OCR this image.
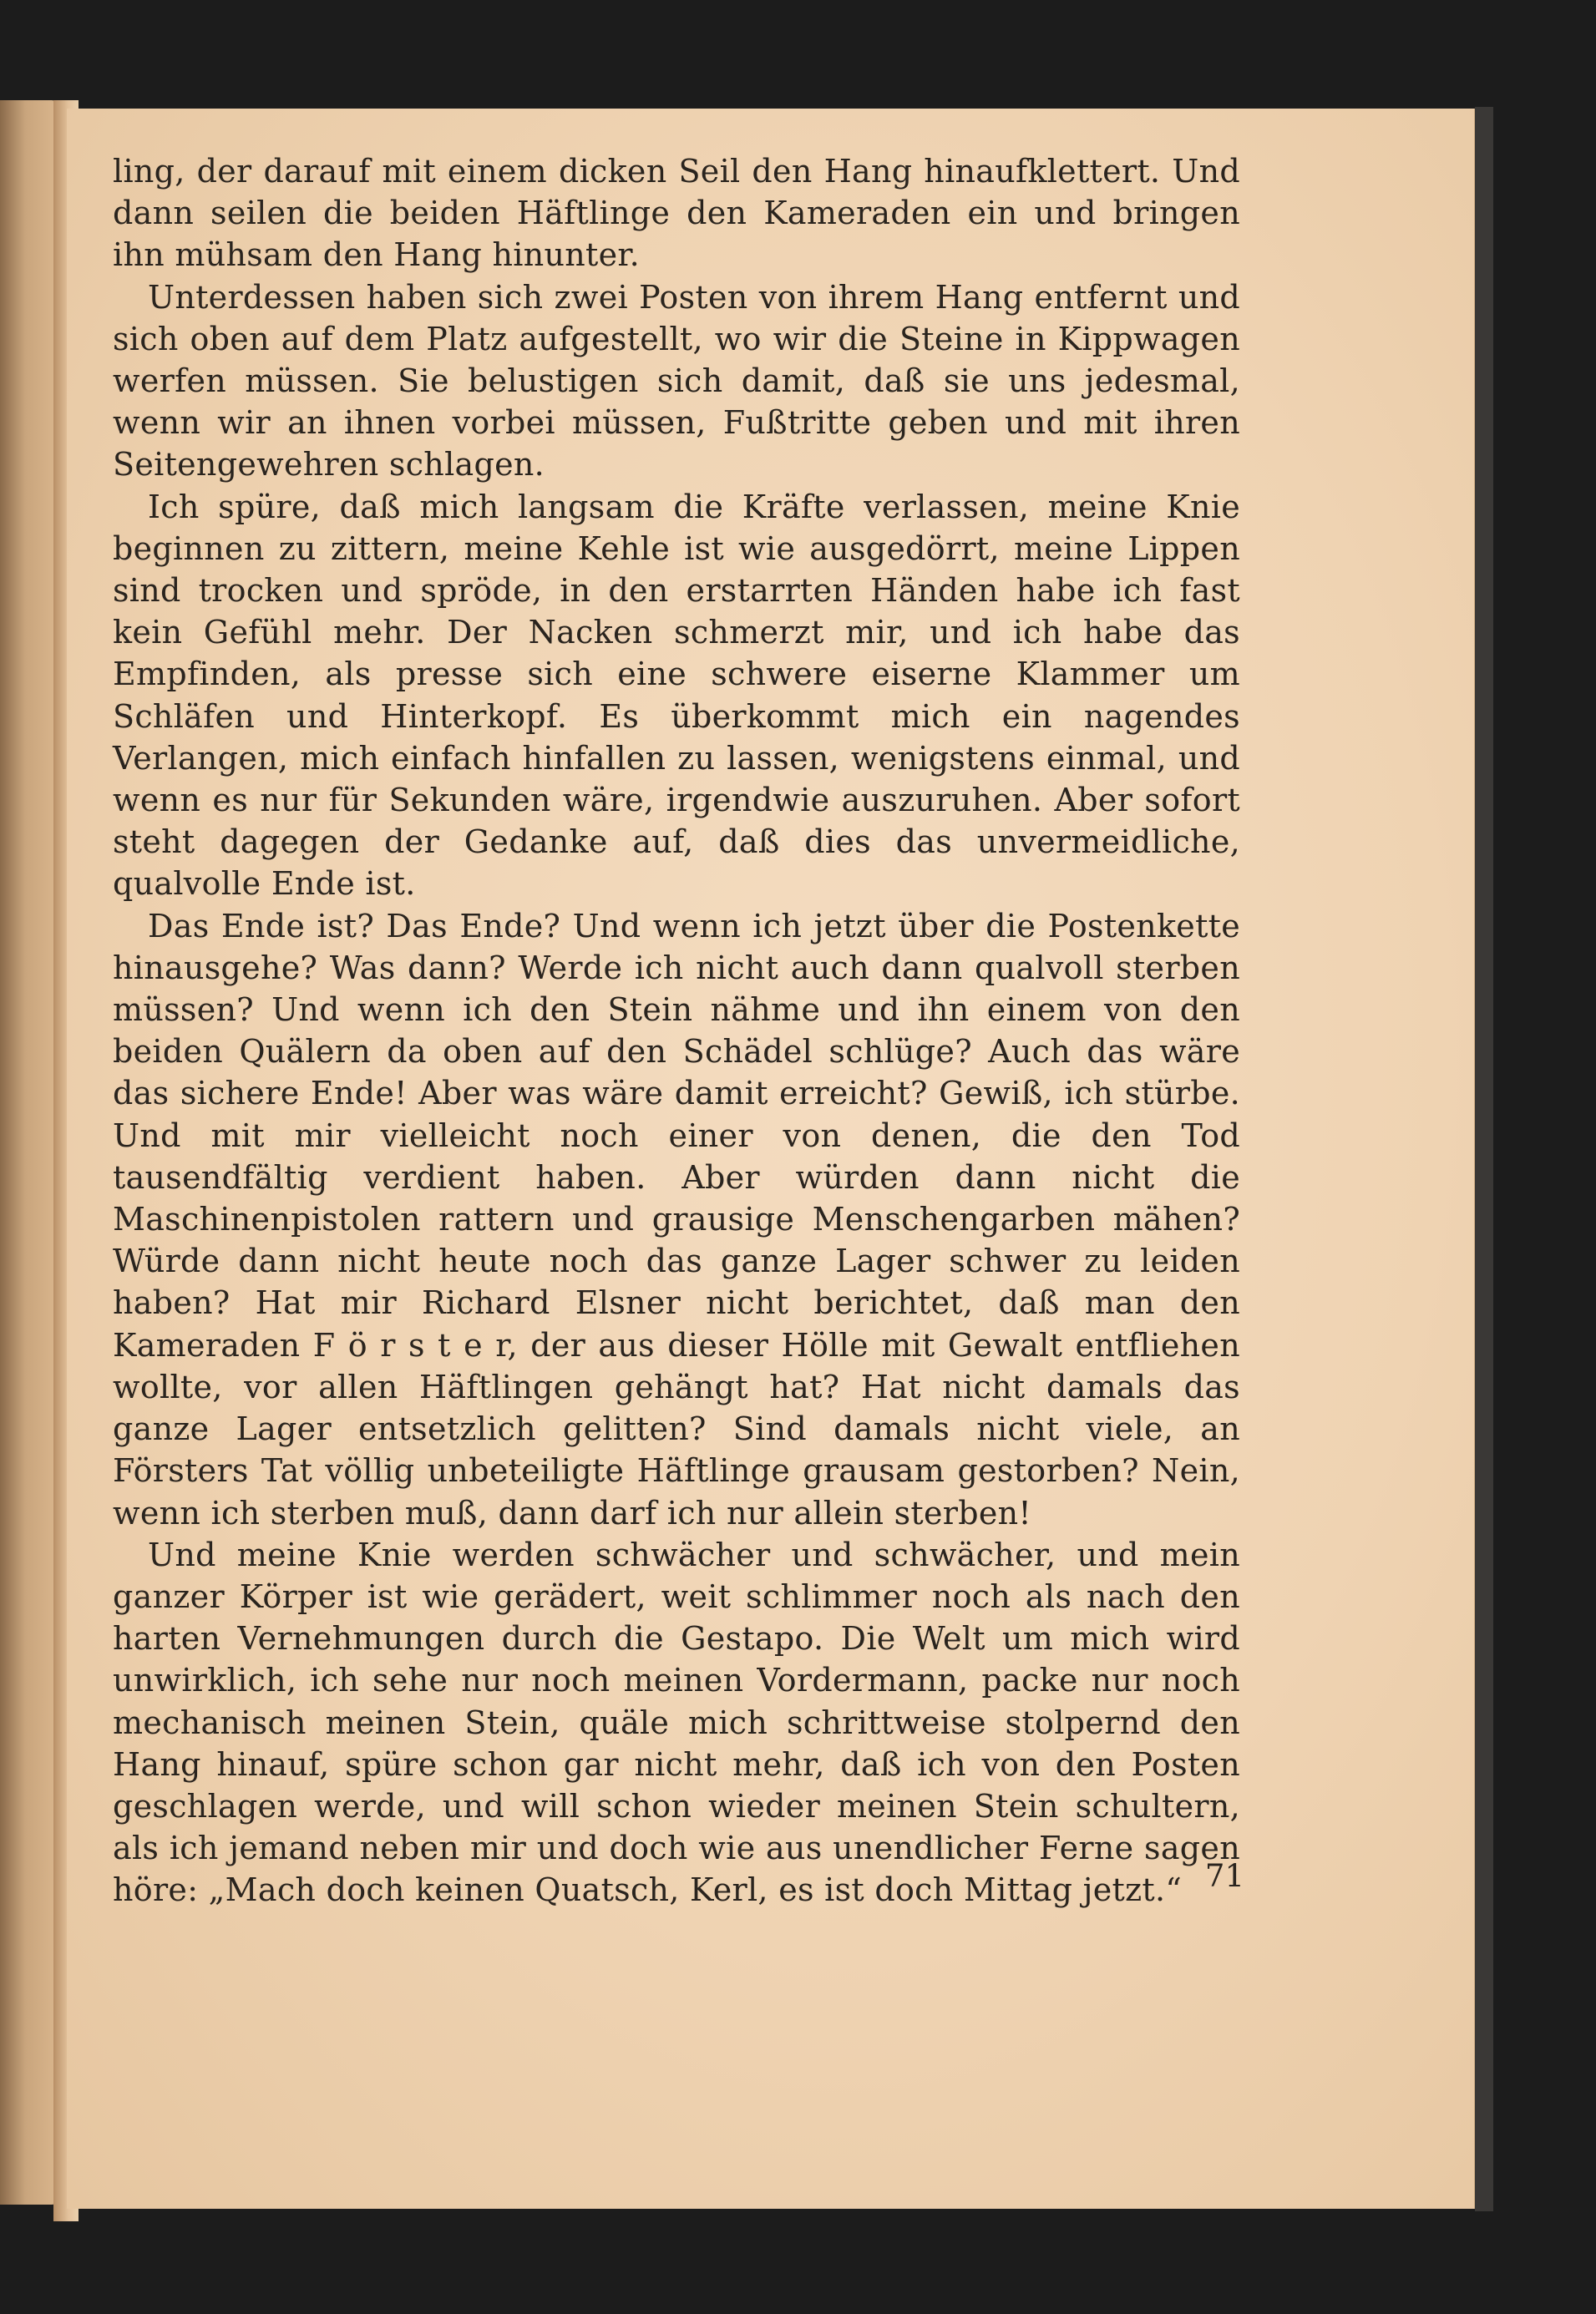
ling, der darauf mit einem dicken Seil den Hang hinaufklettert. Und dann seilen die beiden Häftlinge den Kameraden ein und bringen ihn mühsam den Hang hinunter.

Unterdessen haben sich zwei Posten von ihrem Hang entfernt und sich oben auf dem Platz aufgestellt, wo wir die Steine in Kippwagen werfen müssen. Sie belustigen sich damit, daß sie uns jedesmal, wenn wir an ihnen vorbei müssen, Fußtritte geben und mit ihren Seitengewehren schlagen.

Ich spüre, daß mich langsam die Kräfte verlassen, meine Knie beginnen zu zittern, meine Kehle ist wie ausgedörrt, meine Lippen sind trocken und spröde, in den erstarrten Händen habe ich fast kein Gefühl mehr. Der Nacken schmerzt mir, und ich habe das Empfinden, als presse sich eine schwere eiserne Klammer um Schläfen und Hinterkopf. Es überkommt mich ein nagendes Verlangen, mich einfach hinfallen zu lassen, wenigstens einmal, und wenn es nur für Sekunden wäre, irgendwie auszuruhen. Aber sofort steht dagegen der Gedanke auf, daß dies das unvermeidliche, qualvolle Ende ist.

Das Ende ist? Das Ende? Und wenn ich jetzt über die Postenkette hinausgehe? Was dann? Werde ich nicht auch dann qualvoll sterben müssen? Und wenn ich den Stein nähme und ihn einem von den beiden Quälern da oben auf den Schädel schlüge? Auch das wäre das sichere Ende! Aber was wäre damit erreicht? Gewiß, ich stürbe. Und mit mir vielleicht noch einer von denen, die den Tod tausendfältig verdient haben. Aber würden dann nicht die Maschinenpistolen rattern und grausige Menschengarben mähen? Würde dann nicht heute noch das ganze Lager schwer zu leiden haben? Hat mir Richard Elsner nicht berichtet, daß man den Kameraden F ö r s t e r, der aus dieser Hölle mit Gewalt entfliehen wollte, vor allen Häftlingen gehängt hat? Hat nicht damals das ganze Lager entsetzlich gelitten? Sind damals nicht viele, an Försters Tat völlig unbeteiligte Häftlinge grausam gestorben? Nein, wenn ich sterben muß, dann darf ich nur allein sterben!

Und meine Knie werden schwächer und schwächer, und mein ganzer Körper ist wie gerädert, weit schlimmer noch als nach den harten Vernehmungen durch die Gestapo. Die Welt um mich wird unwirklich, ich sehe nur noch meinen Vordermann, packe nur noch mechanisch meinen Stein, quäle mich schrittweise stolpernd den Hang hinauf, spüre schon gar nicht mehr, daß ich von den Posten geschlagen werde, und will schon wieder meinen Stein schultern, als ich jemand neben mir und doch wie aus unendlicher Ferne sagen höre: „Mach doch keinen Quatsch, Kerl, es ist doch Mittag jetzt.“ 71
